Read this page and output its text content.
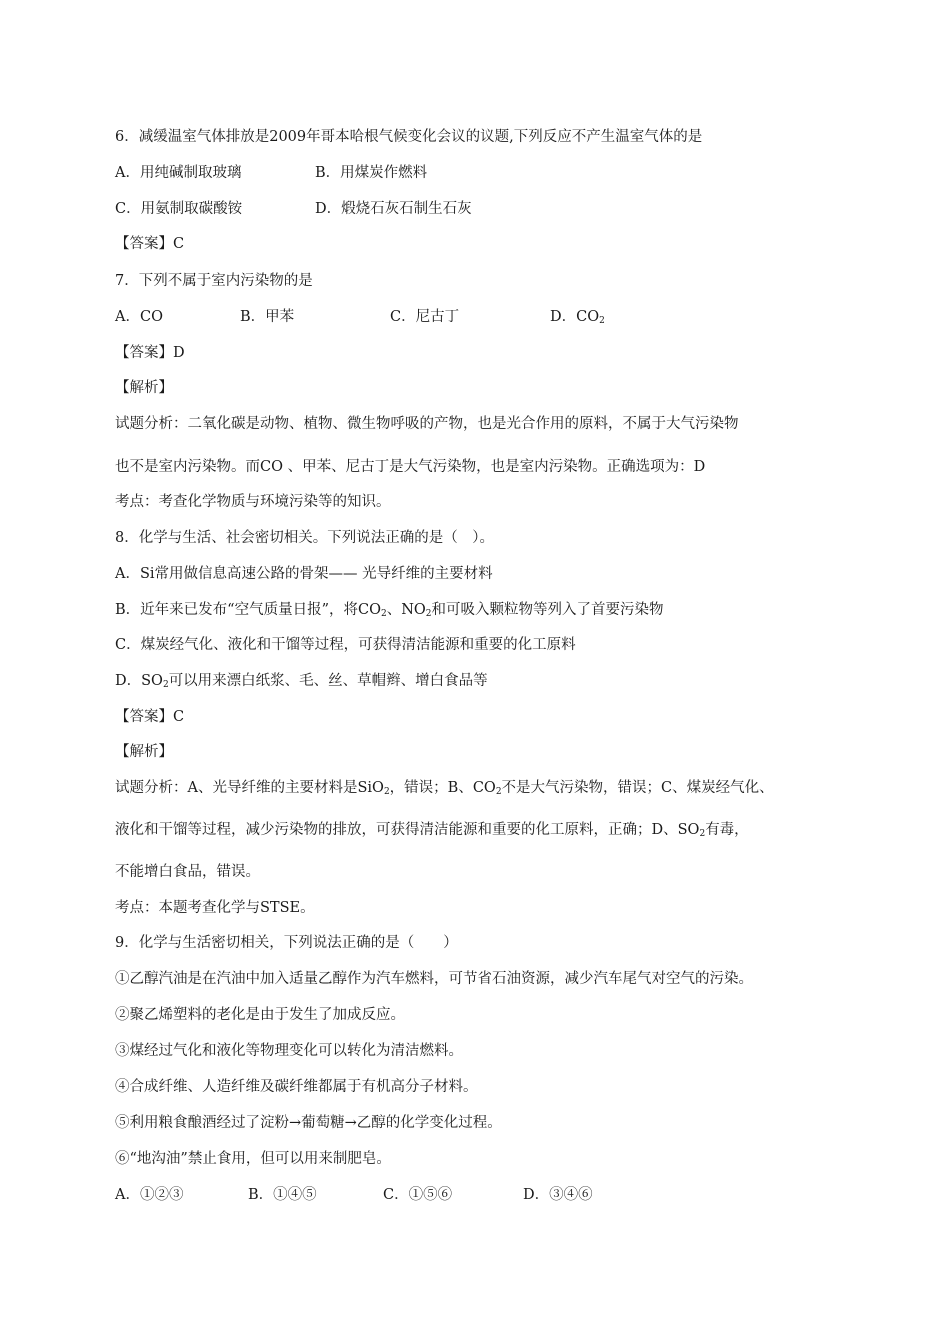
6．减缓温室气体排放是2009年哥本哈根气候变化会议的议题,下列反应不产生温室气体的是
A．用纯碱制取玻璃	B．用煤炭作燃料
C．用氨制取碳酸铵	D．煅烧石灰石制生石灰
【答案】C
7．下列不属于室内污染物的是
A．CO	B．甲苯	C．尼古丁	D．$CO_2$
【答案】D
【解析】
试题分析：二氧化碳是动物、植物、微生物呼吸的产物，也是光合作用的原料，不属于大气污染物
也不是室内污染物。而CO 、甲苯、尼古丁是大气污染物，也是室内污染物。正确选项为：D
考点：考查化学物质与环境污染等的知识。
8．化学与生活、社会密切相关。下列说法正确的是（　）。
A．Si常用做信息高速公路的骨架—— 光导纤维的主要材料
B．近年来已发布“空气质量日报”，将$CO_2$、$NO_2$和可吸入颗粒物等列入了首要污染物
C．煤炭经气化、液化和干馏等过程，可获得清洁能源和重要的化工原料
D．$SO_2$可以用来漂白纸浆、毛、丝、草帽辫、增白食品等
【答案】C
【解析】
试题分析：A、光导纤维的主要材料是SiO$_2$，错误；B、$CO_2$不是大气污染物，错误；C、煤炭经气化、
液化和干馏等过程，减少污染物的排放，可获得清洁能源和重要的化工原料，正确；D、$SO_2$有毒，
不能增白食品，错误。
考点：本题考查化学与STSE。
9．化学与生活密切相关，下列说法正确的是（　　）
①乙醇汽油是在汽油中加入适量乙醇作为汽车燃料，可节省石油资源，减少汽车尾气对空气的污染。
②聚乙烯塑料的老化是由于发生了加成反应。
③煤经过气化和液化等物理变化可以转化为清洁燃料。
④合成纤维、人造纤维及碳纤维都属于有机高分子材料。
⑤利用粮食酿酒经过了淀粉→葡萄糖→乙醇的化学变化过程。
⑥“地沟油”禁止食用，但可以用来制肥皂。
A．①②③	B．①④⑤	C．①⑤⑥	D．③④⑥
